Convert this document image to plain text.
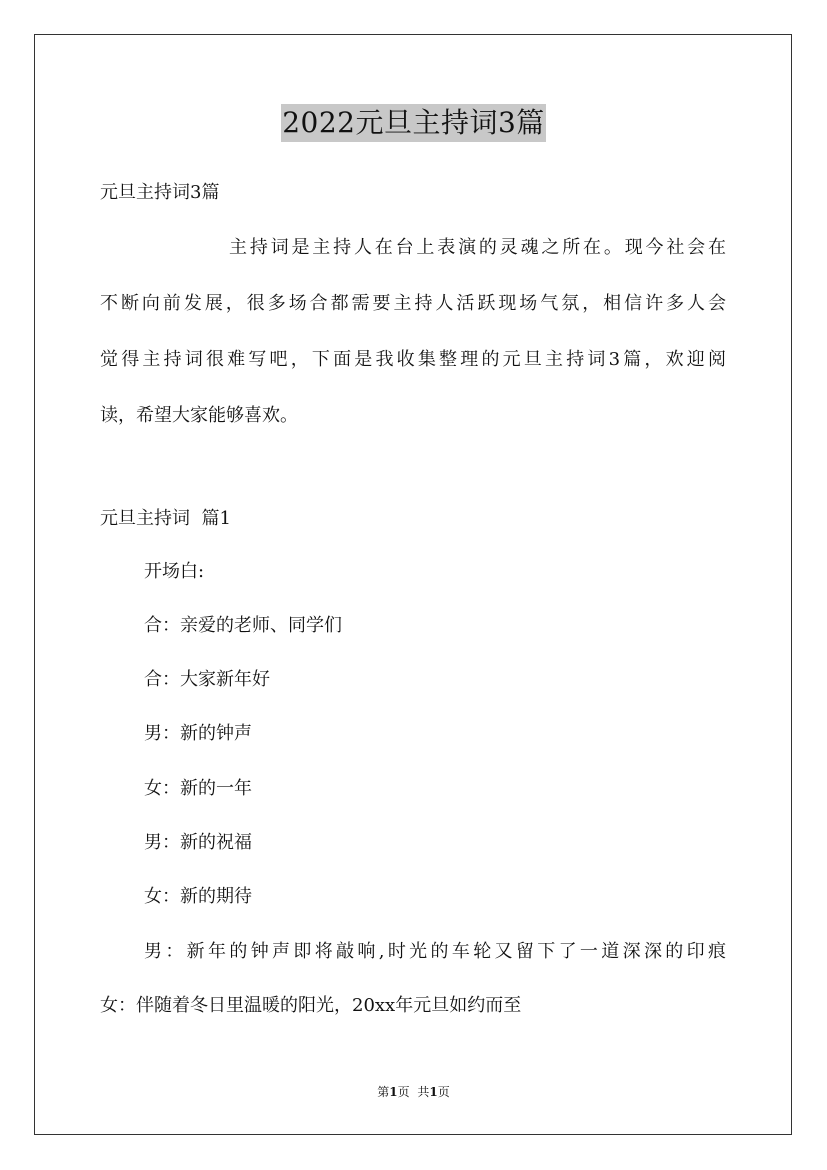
2022元旦主持词3篇
元旦主持词3篇
主持词是主持人在台上表演的灵魂之所在。现今社会在
不断向前发展，很多场合都需要主持人活跃现场气氛，相信许多人会
觉得主持词很难写吧，下面是我收集整理的元旦主持词3篇，欢迎阅
读，希望大家能够喜欢。
元旦主持词  篇1
开场白:
合：亲爱的老师、同学们
合：大家新年好
男：新的钟声
女：新的一年
男：新的祝福
女：新的期待
男：新年的钟声即将敲响,时光的车轮又留下了一道深深的印痕
女：伴随着冬日里温暖的阳光，20xx年元旦如约而至
第1页 共1页
